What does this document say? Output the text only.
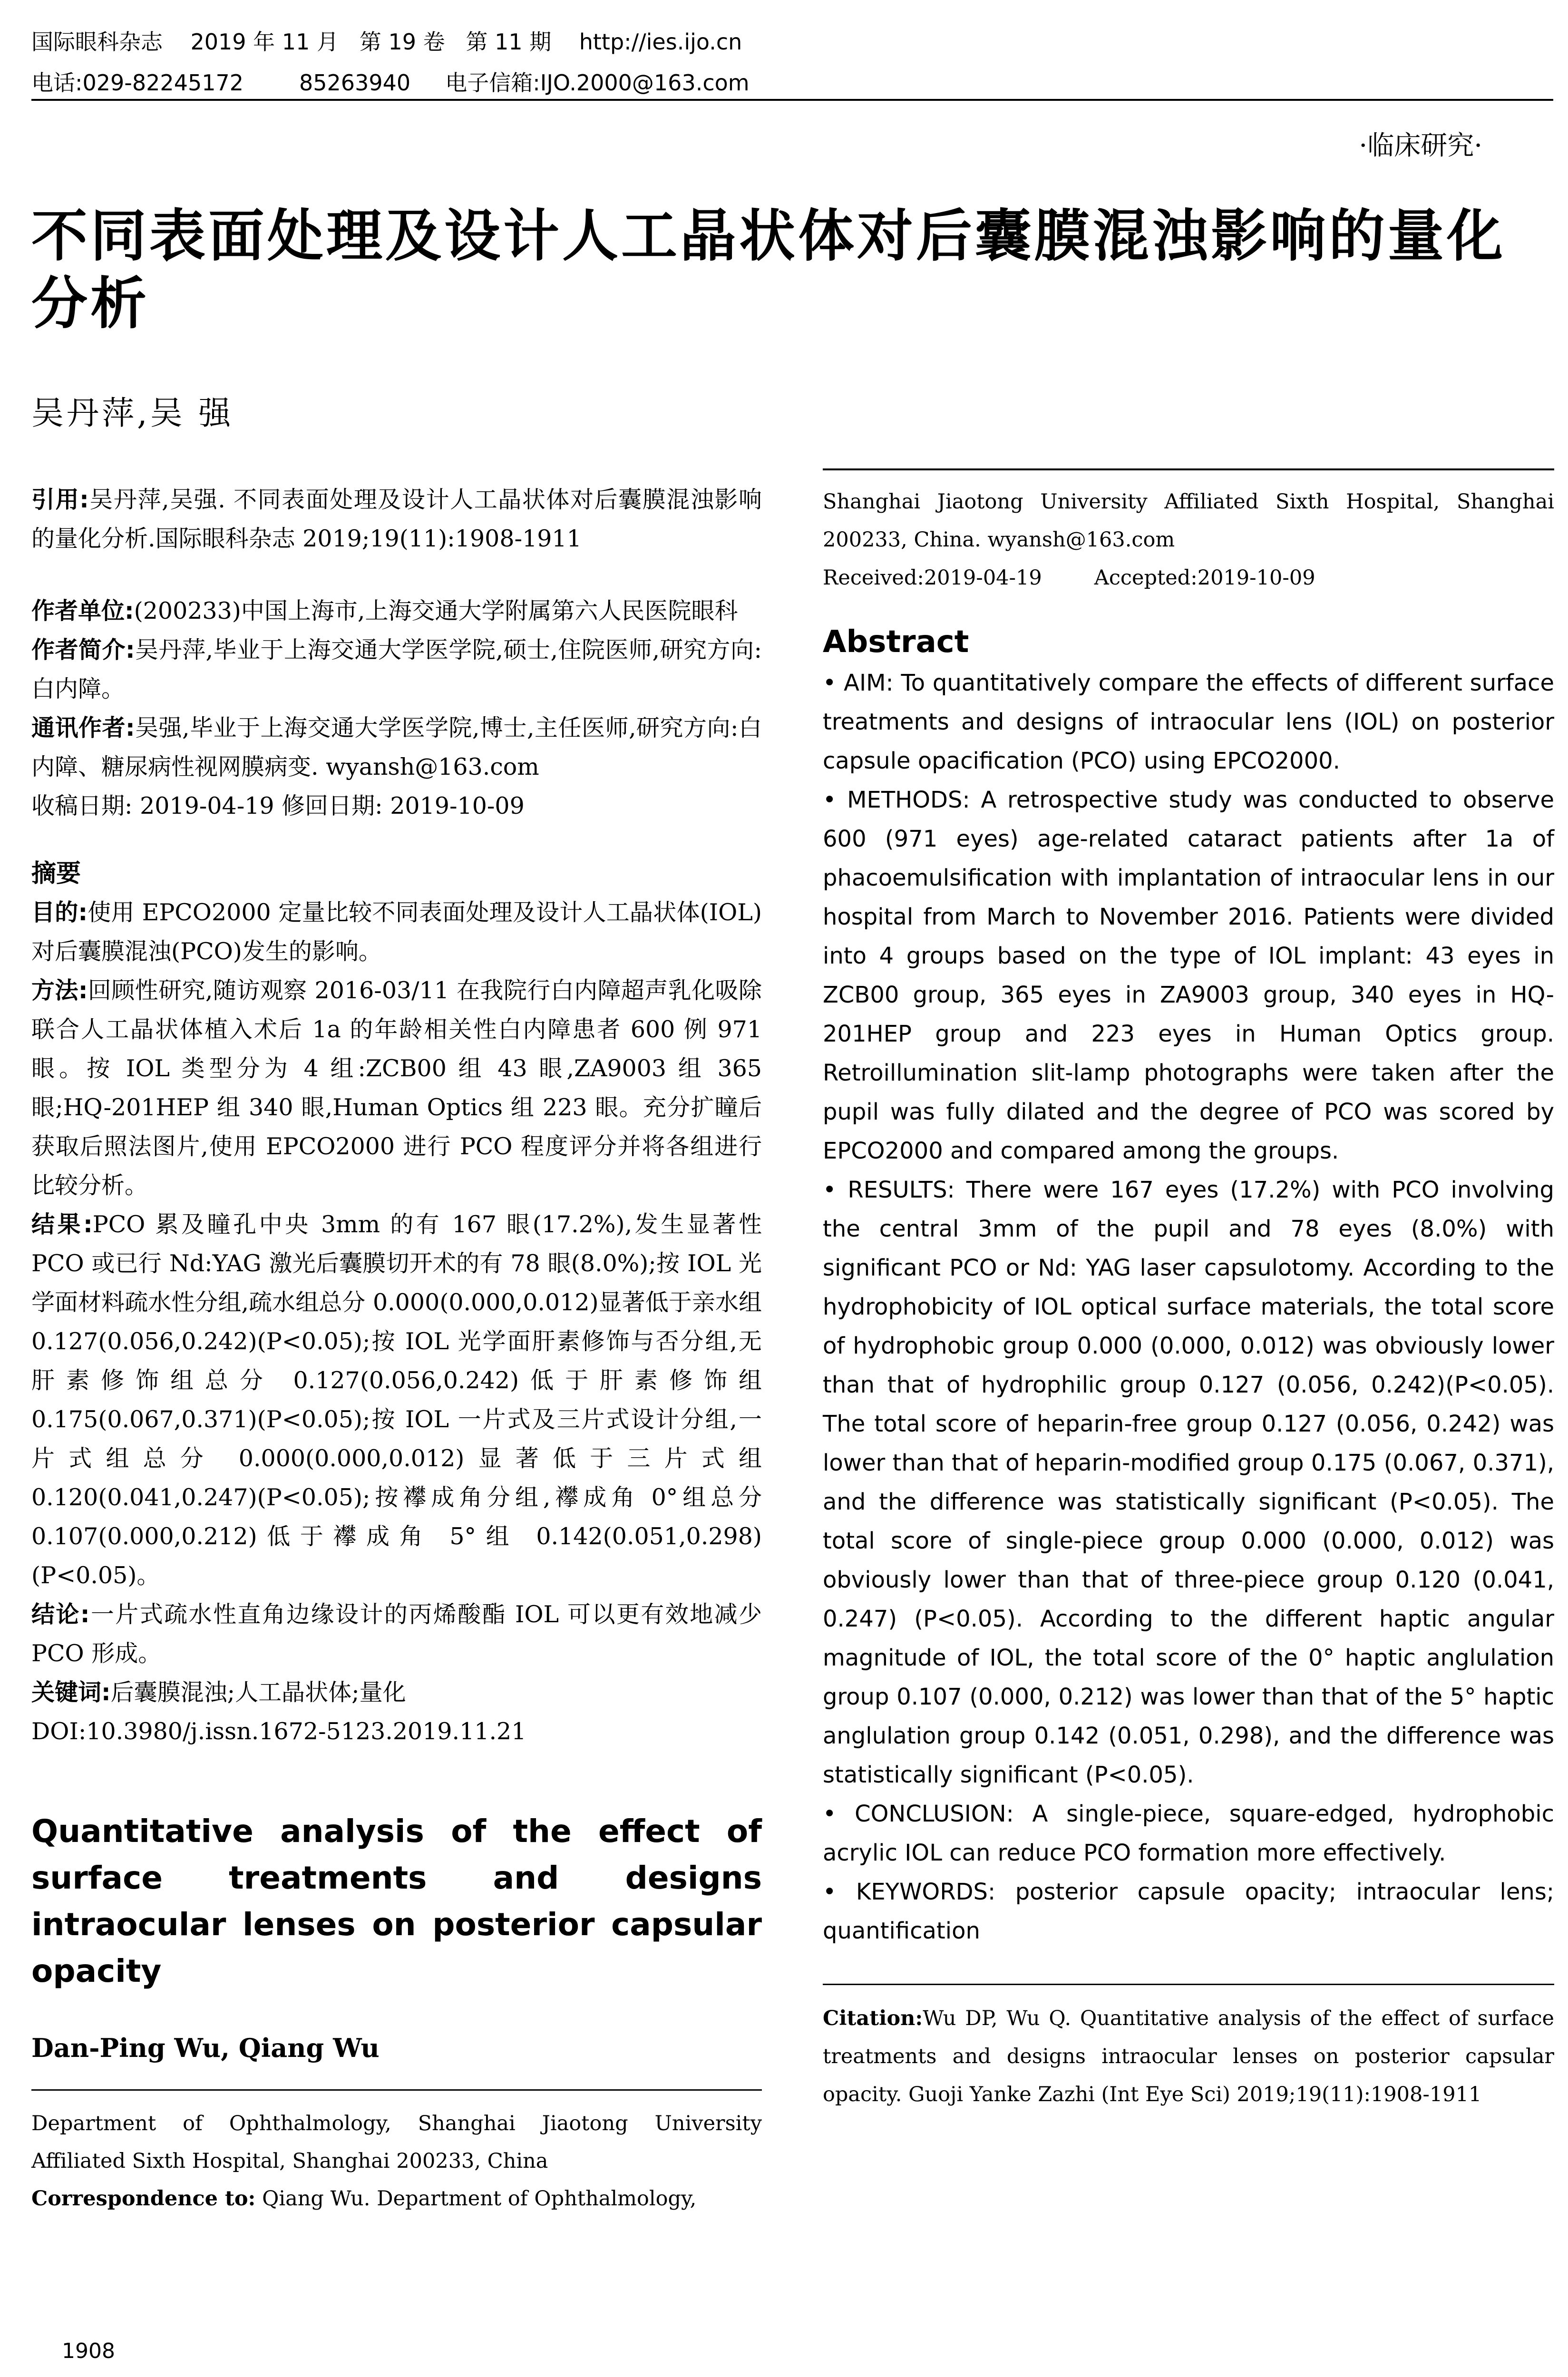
国际眼科杂志    2019 年 11 月   第 19 卷   第 11 期    http://ies.ijo.cn
电话:029-82245172        85263940     电子信箱:IJO.2000@163.com
·临床研究·
不同表面处理及设计人工晶状体对后囊膜混浊影响的量化分析
吴丹萍,吴 强

引用:吴丹萍,吴强. 不同表面处理及设计人工晶状体对后囊膜混浊影响的量化分析.国际眼科杂志 2019;19(11):1908-1911

作者单位:(200233)中国上海市,上海交通大学附属第六人民医院眼科

作者简介:吴丹萍,毕业于上海交通大学医学院,硕士,住院医师,研究方向:白内障。

通讯作者:吴强,毕业于上海交通大学医学院,博士,主任医师,研究方向:白内障、糖尿病性视网膜病变. wyansh@163.com

收稿日期: 2019-04-19 修回日期: 2019-10-09

摘要

目的:使用 EPCO2000 定量比较不同表面处理及设计人工晶状体(IOL)对后囊膜混浊(PCO)发生的影响。

方法:回顾性研究,随访观察 2016-03/11 在我院行白内障超声乳化吸除联合人工晶状体植入术后 1a 的年龄相关性白内障患者 600 例 971 眼。按 IOL 类型分为 4 组:ZCB00 组 43 眼,ZA9003 组 365 眼;HQ-201HEP 组 340 眼,Human Optics 组 223 眼。充分扩瞳后获取后照法图片,使用 EPCO2000 进行 PCO 程度评分并将各组进行比较分析。

结果:PCO 累及瞳孔中央 3mm 的有 167 眼(17.2%),发生显著性 PCO 或已行 Nd:YAG 激光后囊膜切开术的有 78 眼(8.0%);按 IOL 光学面材料疏水性分组,疏水组总分 0.000(0.000,0.012)显著低于亲水组 0.127(0.056,0.242)(P<0.05);按 IOL 光学面肝素修饰与否分组,无肝素修饰组总分 0.127(0.056,0.242)低于肝素修饰组 0.175(0.067,0.371)(P<0.05);按 IOL 一片式及三片式设计分组,一片式组总分 0.000(0.000,0.012)显著低于三片式组 0.120(0.041,0.247)(P<0.05);按襻成角分组,襻成角 0°组总分 0.107(0.000,0.212)低于襻成角 5°组 0.142(0.051,0.298)(P<0.05)。

结论:一片式疏水性直角边缘设计的丙烯酸酯 IOL 可以更有效地减少 PCO 形成。

关键词:后囊膜混浊;人工晶状体;量化

DOI:10.3980/j.issn.1672-5123.2019.11.21

Quantitative analysis of the effect of surface treatments and designs intraocular lenses on posterior capsular opacity
Dan-Ping Wu, Qiang Wu
Department of Ophthalmology, Shanghai Jiaotong University Affiliated Sixth Hospital, Shanghai 200233, China
Correspondence to: Qiang Wu. Department of Ophthalmology,
Shanghai Jiaotong University Affiliated Sixth Hospital, Shanghai 200233, China. wyansh@163.com
Received:2019-04-19	Accepted:2019-10-09
Abstract

• AIM: To quantitatively compare the effects of different surface treatments and designs of intraocular lens (IOL) on posterior capsule opacification (PCO) using EPCO2000.

• METHODS: A retrospective study was conducted to observe 600 (971 eyes) age-related cataract patients after 1a of phacoemulsification with implantation of intraocular lens in our hospital from March to November 2016. Patients were divided into 4 groups based on the type of IOL implant: 43 eyes in ZCB00 group, 365 eyes in ZA9003 group, 340 eyes in HQ-201HEP group and 223 eyes in Human Optics group. Retroillumination slit-lamp photographs were taken after the pupil was fully dilated and the degree of PCO was scored by EPCO2000 and compared among the groups.

• RESULTS: There were 167 eyes (17.2%) with PCO involving the central 3mm of the pupil and 78 eyes (8.0%) with significant PCO or Nd: YAG laser capsulotomy. According to the hydrophobicity of IOL optical surface materials, the total score of hydrophobic group 0.000 (0.000, 0.012) was obviously lower than that of hydrophilic group 0.127 (0.056, 0.242)(P<0.05). The total score of heparin-free group 0.127 (0.056, 0.242) was lower than that of heparin-modified group 0.175 (0.067, 0.371), and the difference was statistically significant (P<0.05). The total score of single-piece group 0.000 (0.000, 0.012) was obviously lower than that of three-piece group 0.120 (0.041, 0.247) (P<0.05). According to the different haptic angular magnitude of IOL, the total score of the 0° haptic anglulation group 0.107 (0.000, 0.212) was lower than that of the 5° haptic anglulation group 0.142 (0.051, 0.298), and the difference was statistically significant (P<0.05).

• CONCLUSION: A single-piece, square-edged, hydrophobic acrylic IOL can reduce PCO formation more effectively.

• KEYWORDS: posterior capsule opacity; intraocular lens; quantification

Citation:Wu DP, Wu Q. Quantitative analysis of the effect of surface treatments and designs intraocular lenses on posterior capsular opacity. Guoji Yanke Zazhi (Int Eye Sci) 2019;19(11):1908-1911
1908
